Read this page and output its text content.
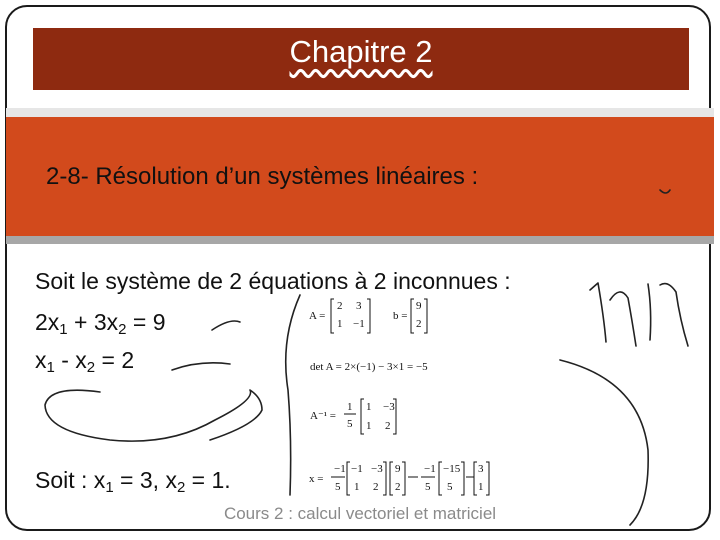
Chapitre 2
2-8- Résolution d’un systèmes linéaires :
Soit le système de 2 équations à 2 inconnues :
$2x_1 + 3x_2 = 9$
$x_1 - x_2 = 2$
Soit : $x_1 = 3$, $x_2 = 1$.
A =
2 3
1 −1
b =
9
2
det A = 2×(−1) − 3×1 = −5
A⁻¹ =
1
5
1 −3
1 2
x =
−1
5
−1 −3
1 2
9
2
−1
5
−15
5
3
1
Cours 2 : calcul vectoriel et matriciel
